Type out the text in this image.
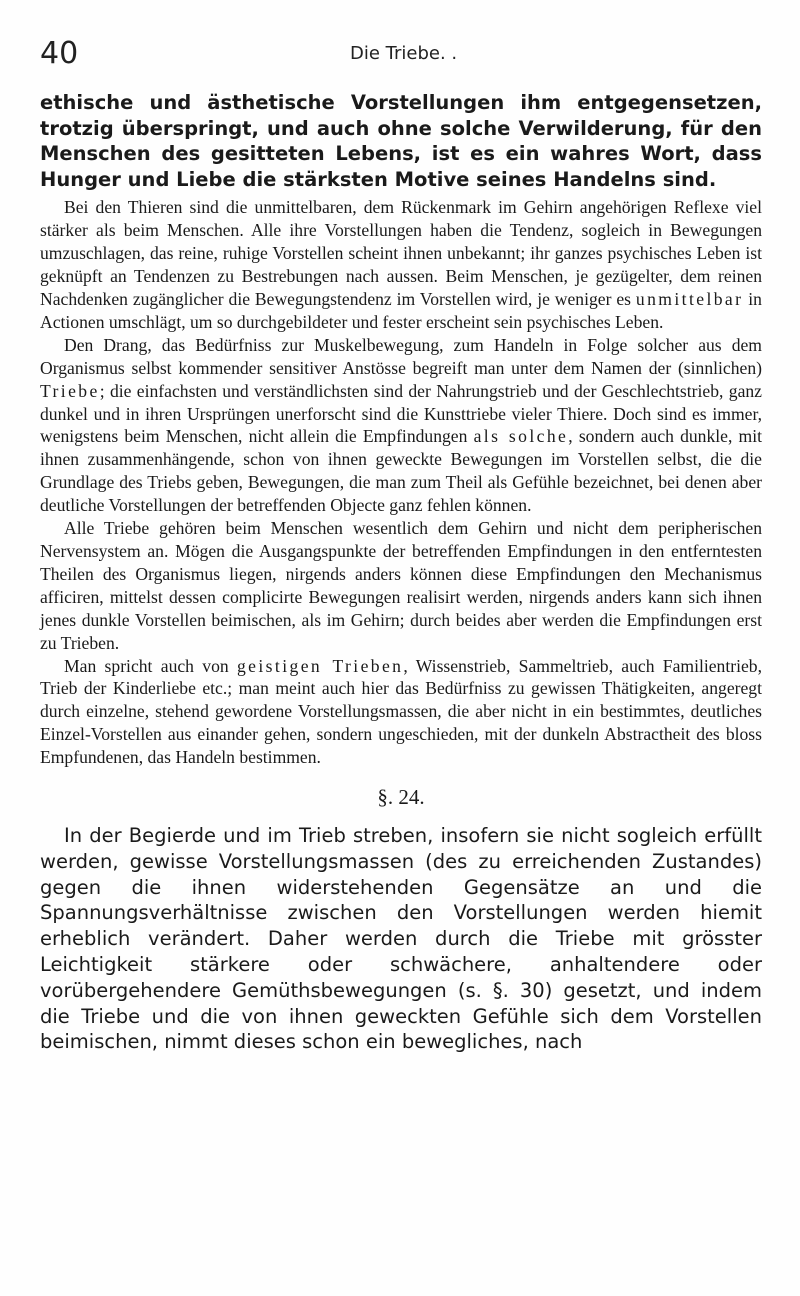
40	Die Triebe. .

ethische und ästhetische Vorstellungen ihm entgegensetzen, trotzig überspringt, und auch ohne solche Verwilderung, für den Menschen des gesitteten Lebens, ist es ein wahres Wort, dass Hunger und Liebe die stärksten Motive seines Handelns sind.

Bei den Thieren sind die unmittelbaren, dem Rückenmark im Gehirn angehörigen Reflexe viel stärker als beim Menschen. Alle ihre Vorstellungen haben die Tendenz, sogleich in Bewegungen umzuschlagen, das reine, ruhige Vorstellen scheint ihnen unbekannt; ihr ganzes psychisches Leben ist geknüpft an Tendenzen zu Bestrebungen nach aussen. Beim Menschen, je gezügelter, dem reinen Nachdenken zugänglicher die Bewegungstendenz im Vorstellen wird, je weniger es unmittelbar in Actionen umschlägt, um so durchgebildeter und fester erscheint sein psychisches Leben.

Den Drang, das Bedürfniss zur Muskelbewegung, zum Handeln in Folge solcher aus dem Organismus selbst kommender sensitiver Anstösse begreift man unter dem Namen der (sinnlichen) Triebe; die einfachsten und verständlichsten sind der Nahrungstrieb und der Geschlechtstrieb, ganz dunkel und in ihren Ursprüngen unerforscht sind die Kunsttriebe vieler Thiere. Doch sind es immer, wenigstens beim Menschen, nicht allein die Empfindungen als solche, sondern auch dunkle, mit ihnen zusammenhängende, schon von ihnen geweckte Bewegungen im Vorstellen selbst, die die Grundlage des Triebs geben, Bewegungen, die man zum Theil als Gefühle bezeichnet, bei denen aber deutliche Vorstellungen der betreffenden Objecte ganz fehlen können.

Alle Triebe gehören beim Menschen wesentlich dem Gehirn und nicht dem peripherischen Nervensystem an. Mögen die Ausgangspunkte der betreffenden Empfindungen in den entferntesten Theilen des Organismus liegen, nirgends anders können diese Empfindungen den Mechanismus afficiren, mittelst dessen complicirte Bewegungen realisirt werden, nirgends anders kann sich ihnen jenes dunkle Vorstellen beimischen, als im Gehirn; durch beides aber werden die Empfindungen erst zu Trieben.

Man spricht auch von geistigen Trieben, Wissenstrieb, Sammeltrieb, auch Familientrieb, Trieb der Kinderliebe etc.; man meint auch hier das Bedürfniss zu gewissen Thätigkeiten, angeregt durch einzelne, stehend gewordene Vorstellungsmassen, die aber nicht in ein bestimmtes, deutliches Einzel-Vorstellen aus einander gehen, sondern ungeschieden, mit der dunkeln Abstractheit des bloss Empfundenen, das Handeln bestimmen.

§. 24.

In der Begierde und im Trieb streben, insofern sie nicht sogleich erfüllt werden, gewisse Vorstellungsmassen (des zu erreichenden Zustandes) gegen die ihnen widerstehenden Gegensätze an und die Spannungsverhältnisse zwischen den Vorstellungen werden hiemit erheblich verändert. Daher werden durch die Triebe mit grösster Leichtigkeit stärkere oder schwächere, anhaltendere oder vorübergehendere Gemüthsbewegungen (s. §. 30) gesetzt, und indem die Triebe und die von ihnen geweckten Gefühle sich dem Vorstellen beimischen, nimmt dieses schon ein bewegliches, nach
